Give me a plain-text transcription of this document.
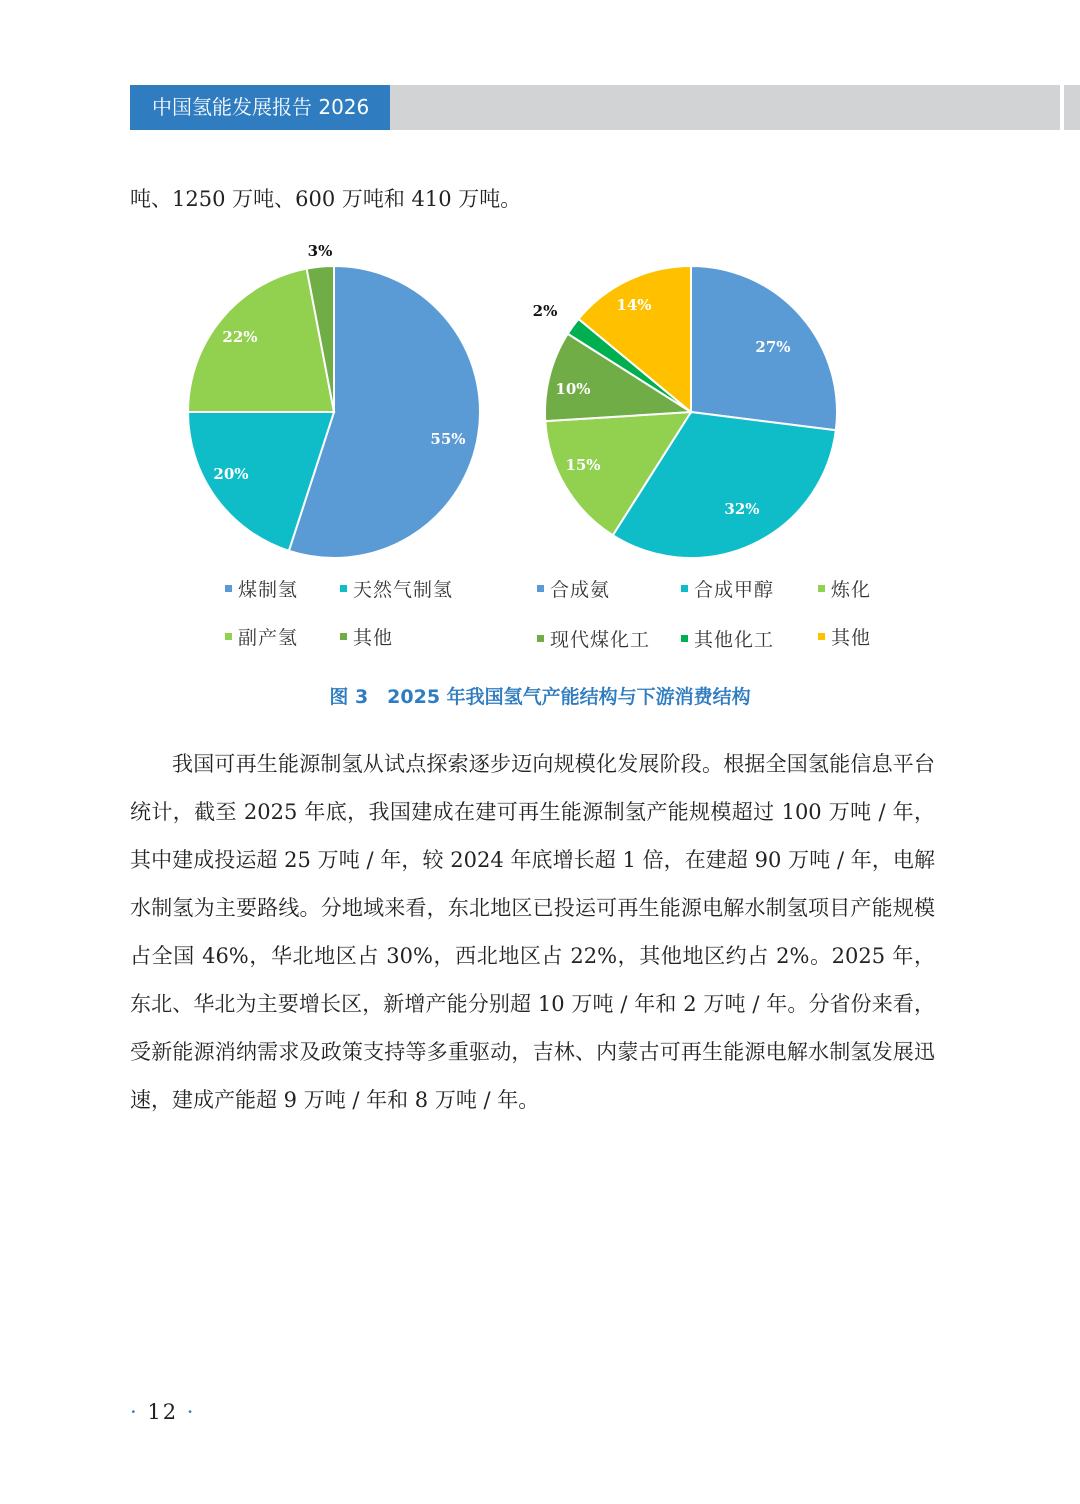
中国氢能发展报告 2026
吨、1250 万吨、600 万吨和 410 万吨。
55%
20%
22%
3%
27%
32%
15%
10%
2%	14%
煤制氢	天然气制氢
副产氢	其他
合成氨	合成甲醇	炼化
现代煤化工	其他化工	其他
图 3　2025 年我国氢气产能结构与下游消费结构
我国可再生能源制氢从试点探索逐步迈向规模化发展阶段。根据全国氢能信息平台统计，截至 2025 年底，我国建成在建可再生能源制氢产能规模超过 100 万吨 / 年，其中建成投运超 25 万吨 / 年，较 2024 年底增长超 1 倍，在建超 90 万吨 / 年，电解水制氢为主要路线。分地域来看，东北地区已投运可再生能源电解水制氢项目产能规模占全国 46%，华北地区占 30%，西北地区占 22%，其他地区约占 2%。2025 年，东北、华北为主要增长区，新增产能分别超 10 万吨 / 年和 2 万吨 / 年。分省份来看，受新能源消纳需求及政策支持等多重驱动，吉林、内蒙古可再生能源电解水制氢发展迅速，建成产能超 9 万吨 / 年和 8 万吨 / 年。
· 12 ·
